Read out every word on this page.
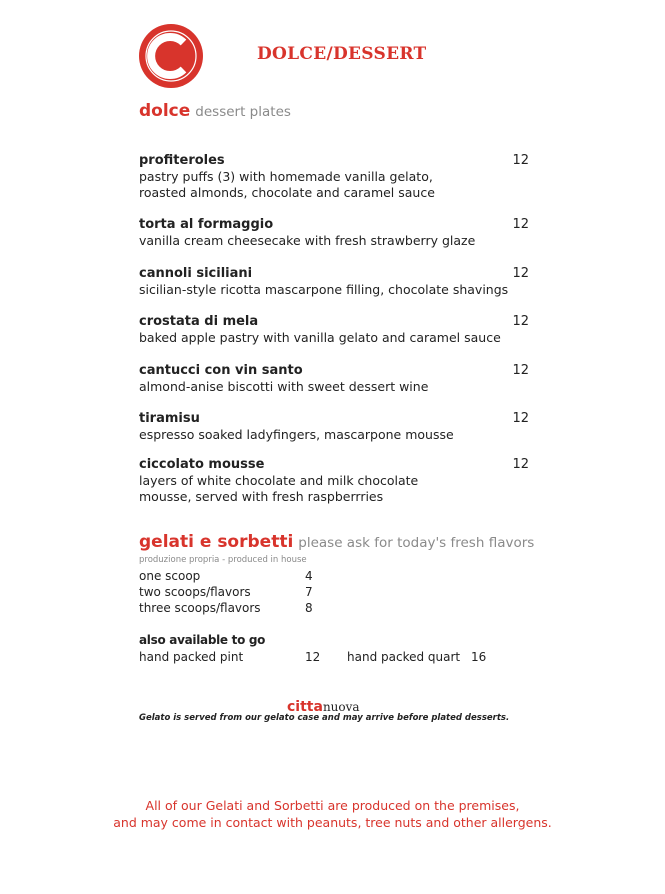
DOLCE/DESSERT
dolce dessert plates
profiteroles
pastry puffs (3) with homemade vanilla gelato, roasted almonds, chocolate and caramel sauce
12
torta al formaggio
vanilla cream cheesecake with fresh strawberry glaze
12
cannoli siciliani
sicilian-style ricotta mascarpone filling, chocolate shavings
12
crostata di mela
baked apple pastry with vanilla gelato and caramel sauce
12
cantucci con vin santo
almond-anise biscotti with sweet dessert wine
12
tiramisu
espresso soaked ladyfingers, mascarpone mousse
12
ciccolato mousse
layers of white chocolate and milk chocolate mousse, served with fresh raspberrries
12
gelati e sorbetti please ask for today's fresh flavors
produzione propria - produced in house
one scoop	4
two scoops/flavors	7
three scoops/flavors	8
also available to go
hand packed pint	12 hand packed quart 16
cittanuova
Gelato is served from our gelato case and may arrive before plated desserts.
All of our Gelati and Sorbetti are produced on the premises,
and may come in contact with peanuts, tree nuts and other allergens.
